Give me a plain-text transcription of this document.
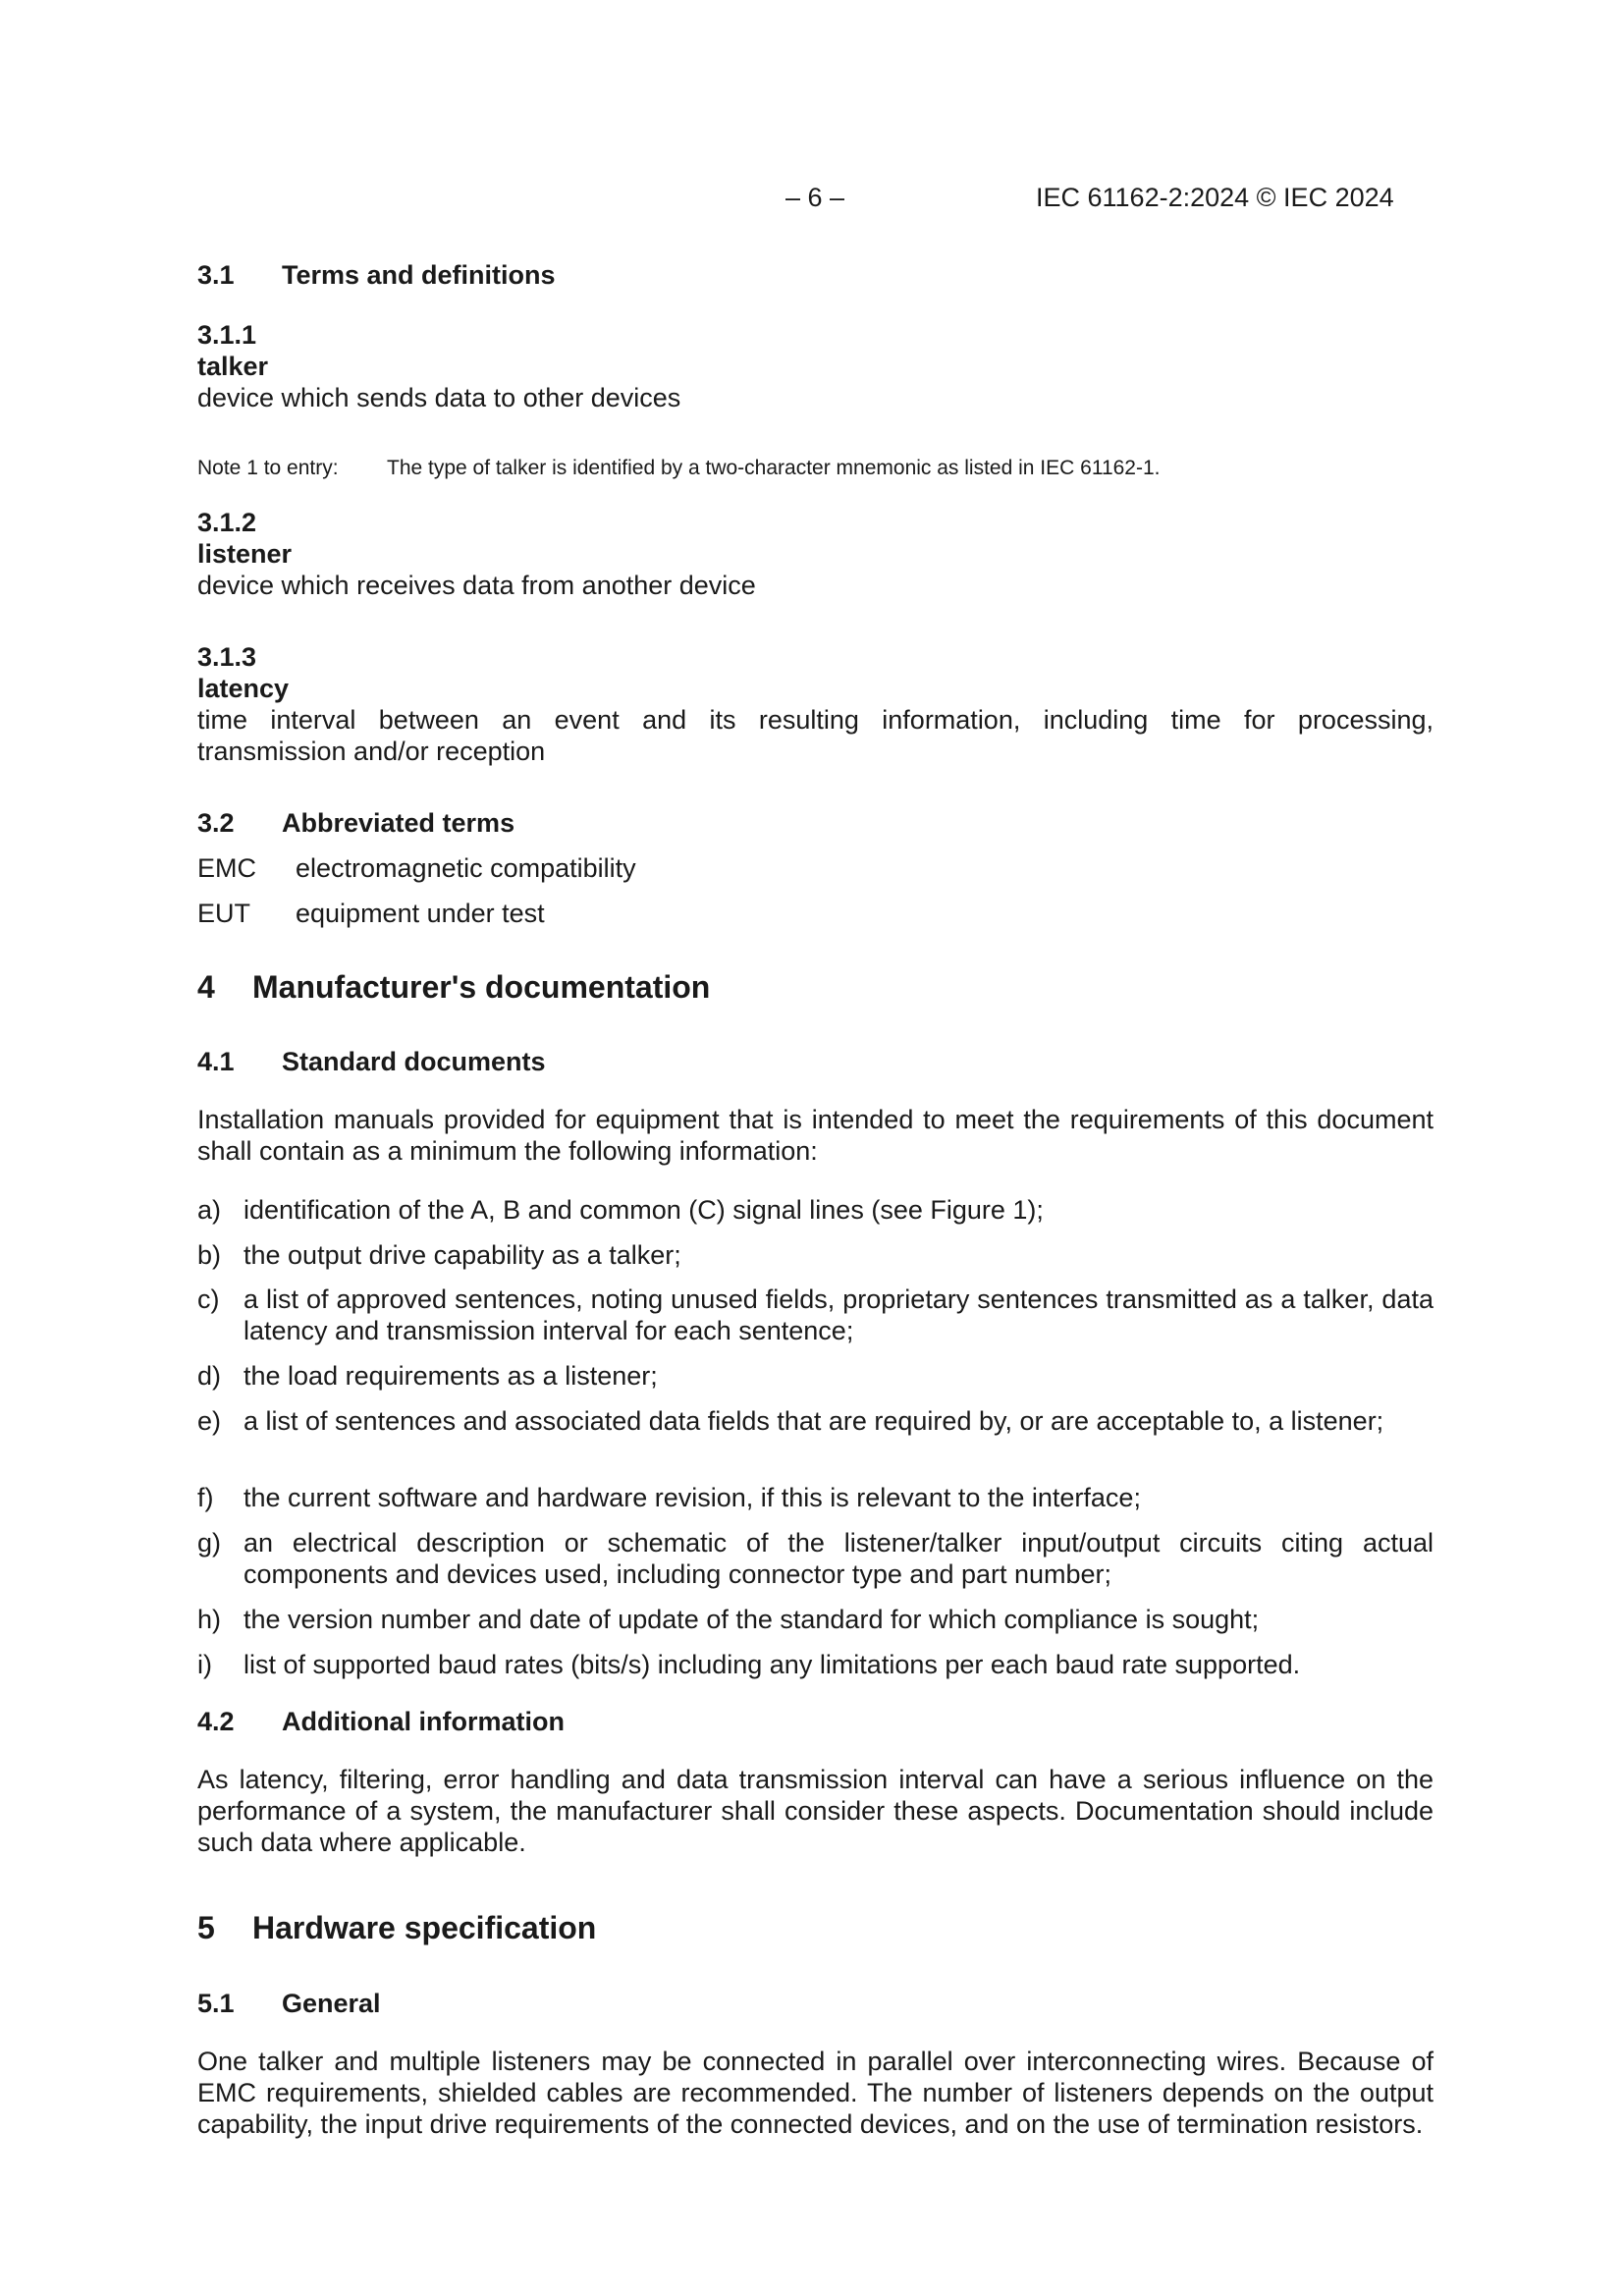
– 6 –	IEC 61162-2:2024 © IEC 2024
3.1 Terms and definitions
3.1.1
talker
device which sends data to other devices
Note 1 to entry: The type of talker is identified by a two-character mnemonic as listed in IEC 61162-1.
3.1.2
listener
device which receives data from another device
3.1.3
latency
time interval between an event and its resulting information, including time for processing,
transmission and/or reception
3.2 Abbreviated terms
EMC electromagnetic compatibility
EUT equipment under test
4 Manufacturer's documentation
4.1 Standard documents
Installation manuals provided for equipment that is intended to meet the requirements of this document shall contain as a minimum the following information:
a) identification of the A, B and common (C) signal lines (see Figure 1);
b) the output drive capability as a talker;
c) a list of approved sentences, noting unused fields, proprietary sentences transmitted as a talker, data latency and transmission interval for each sentence;
d) the load requirements as a listener;
e) a list of sentences and associated data fields that are required by, or are acceptable to, a listener;
f) the current software and hardware revision, if this is relevant to the interface;
g) an electrical description or schematic of the listener/talker input/output circuits citing actual components and devices used, including connector type and part number;
h) the version number and date of update of the standard for which compliance is sought;
i) list of supported baud rates (bits/s) including any limitations per each baud rate supported.
4.2 Additional information
As latency, filtering, error handling and data transmission interval can have a serious influence on the performance of a system, the manufacturer shall consider these aspects. Documentation should include such data where applicable.
5 Hardware specification
5.1 General
One talker and multiple listeners may be connected in parallel over interconnecting wires. Because of EMC requirements, shielded cables are recommended. The number of listeners depends on the output capability, the input drive requirements of the connected devices, and on the use of termination resistors.
